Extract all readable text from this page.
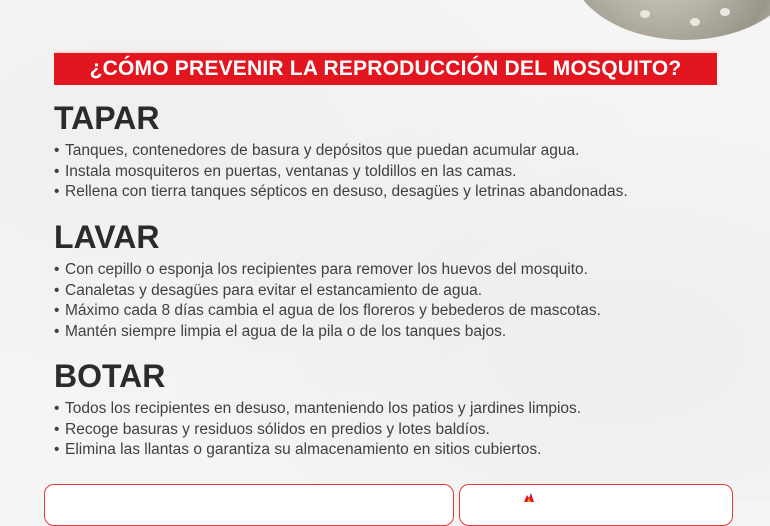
¿CÓMO PREVENIR LA REPRODUCCIÓN DEL MOSQUITO?
TAPAR
• Tanques, contenedores de basura y depósitos que puedan acumular agua.
• Instala mosquiteros en puertas, ventanas y toldillos en las camas.
• Rellena con tierra tanques sépticos en desuso, desagües y letrinas abandonadas.
LAVAR
• Con cepillo o esponja los recipientes para remover los huevos del mosquito.
• Canaletas y desagües para evitar el estancamiento de agua.
• Máximo cada 8 días cambia el agua de los floreros y bebederos de mascotas.
• Mantén siempre limpia el agua de la pila o de los tanques bajos.
BOTAR
• Todos los recipientes en desuso, manteniendo los patios y jardines limpios.
• Recoge basuras y residuos sólidos en predios y lotes baldíos.
• Elimina las llantas o garantiza su almacenamiento en sitios cubiertos.
